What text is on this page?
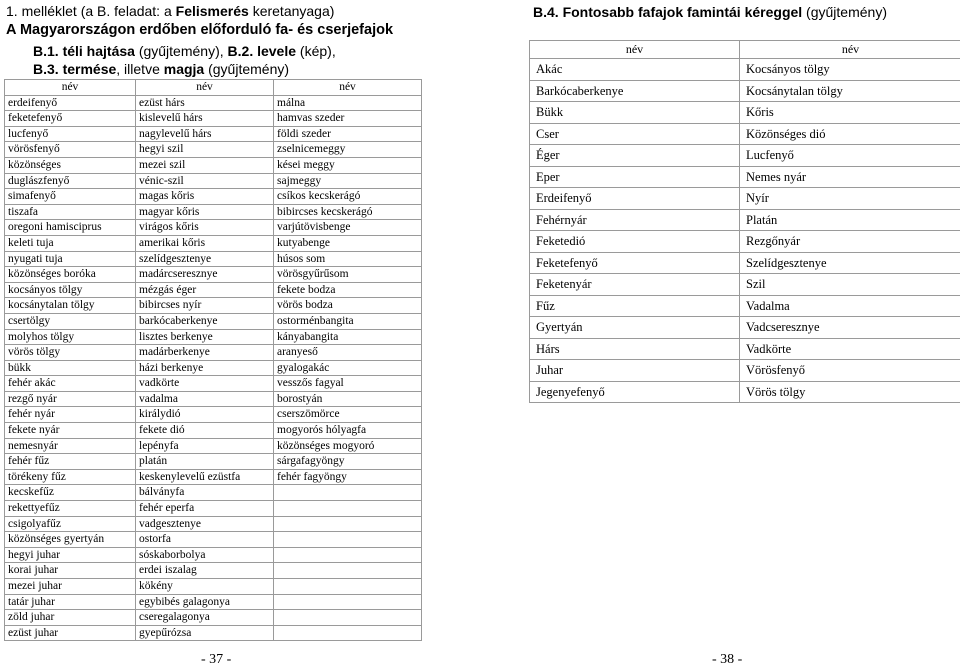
1. melléklet (a B. feladat: a Felismerés keretanyaga)
A Magyarországon erdőben előforduló fa- és cserjefajok
B.1. téli hajtása (gyűjtemény), B.2. levele (kép),
B.3. termése, illetve magja (gyűjtemény)
név	név	név
erdeifenyő	ezüst hárs	málna
feketefenyő	kislevelű hárs	hamvas szeder
lucfenyő	nagylevelű hárs	földi szeder
vörösfenyő	hegyi szil	zselnicemeggy
közönséges	mezei szil	kései meggy
duglászfenyő	vénic-szil	sajmeggy
simafenyő	magas kőris	csíkos kecskerágó
tiszafa	magyar kőris	bibircses kecskerágó
oregoni hamisciprus	virágos kőris	varjútövisbenge
keleti tuja	amerikai kőris	kutyabenge
nyugati tuja	szelídgesztenye	húsos som
közönséges boróka	madárcseresznye	vörösgyűrűsom
kocsányos tölgy	mézgás éger	fekete bodza
kocsánytalan tölgy	bibircses nyír	vörös bodza
csertölgy	barkócaberkenye	ostorménbangita
molyhos tölgy	lisztes berkenye	kányabangita
vörös tölgy	madárberkenye	aranyeső
bükk	házi berkenye	gyalogakác
fehér akác	vadkörte	vesszős fagyal
rezgő nyár	vadalma	borostyán
fehér nyár	királydió	cserszömörce
fekete nyár	fekete dió	mogyorós hólyagfa
nemesnyár	lepényfa	közönséges mogyoró
fehér fűz	platán	sárgafagyöngy
törékeny fűz	keskenylevelű ezüstfa	fehér fagyöngy
kecskefűz	bálványfa	
rekettyefűz	fehér eperfa	
csigolyafűz	vadgesztenye	
közönséges gyertyán	ostorfa	
hegyi juhar	sóskaborbolya	
korai juhar	erdei iszalag	
mezei juhar	kökény	
tatár juhar	egybibés galagonya	
zöld juhar	cseregalagonya	
ezüst juhar	gyepűrózsa	
- 37 -
B.4. Fontosabb fafajok famintái kéreggel (gyűjtemény)
név	név
Akác	Kocsányos tölgy
Barkócaberkenye	Kocsánytalan tölgy
Bükk	Kőris
Cser	Közönséges dió
Éger	Lucfenyő
Eper	Nemes nyár
Erdeifenyő	Nyír
Fehérnyár	Platán
Feketedió	Rezgőnyár
Feketefenyő	Szelídgesztenye
Feketenyár	Szil
Fűz	Vadalma
Gyertyán	Vadcseresznye
Hárs	Vadkörte
Juhar	Vörösfenyő
Jegenyefenyő	Vörös tölgy
- 38 -
